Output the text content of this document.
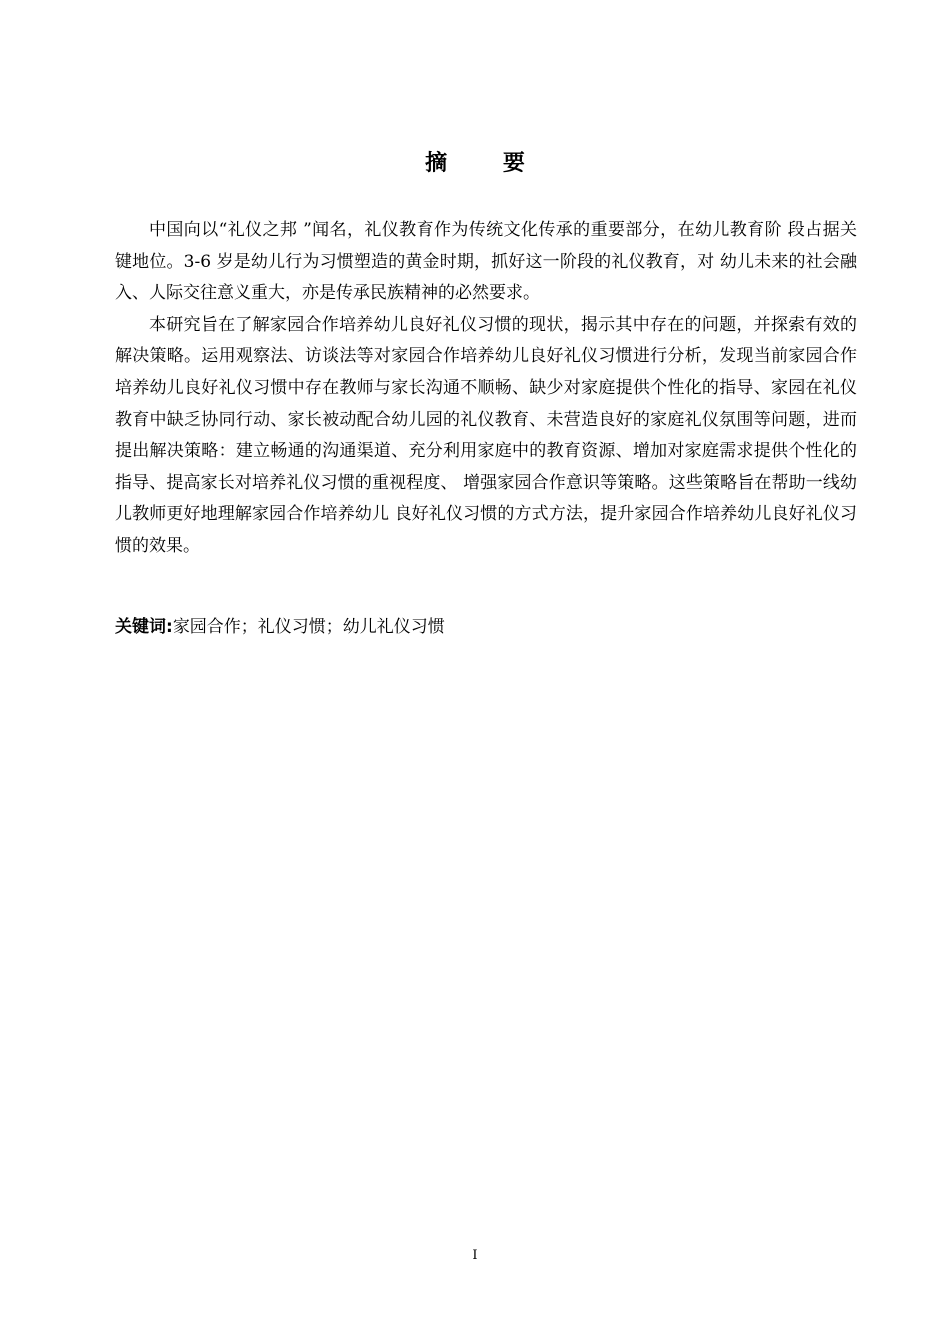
摘 要

中国向以“礼仪之邦 ”闻名，礼仪教育作为传统文化传承的重要部分，在幼儿教育阶 段占据关键地位。3-6 岁是幼儿行为习惯塑造的黄金时期，抓好这一阶段的礼仪教育，对 幼儿未来的社会融入、人际交往意义重大，亦是传承民族精神的必然要求。

本研究旨在了解家园合作培养幼儿良好礼仪习惯的现状，揭示其中存在的问题，并探索有效的解决策略。运用观察法、访谈法等对家园合作培养幼儿良好礼仪习惯进行分析，发现当前家园合作培养幼儿良好礼仪习惯中存在教师与家长沟通不顺畅、缺少对家庭提供个性化的指导、家园在礼仪教育中缺乏协同行动、家长被动配合幼儿园的礼仪教育、未营造良好的家庭礼仪氛围等问题，进而提出解决策略：建立畅通的沟通渠道、充分利用家庭中的教育资源、增加对家庭需求提供个性化的指导、提高家长对培养礼仪习惯的重视程度、 增强家园合作意识等策略。这些策略旨在帮助一线幼儿教师更好地理解家园合作培养幼儿 良好礼仪习惯的方式方法，提升家园合作培养幼儿良好礼仪习惯的效果。

关键词:家园合作；礼仪习惯；幼儿礼仪习惯
I
